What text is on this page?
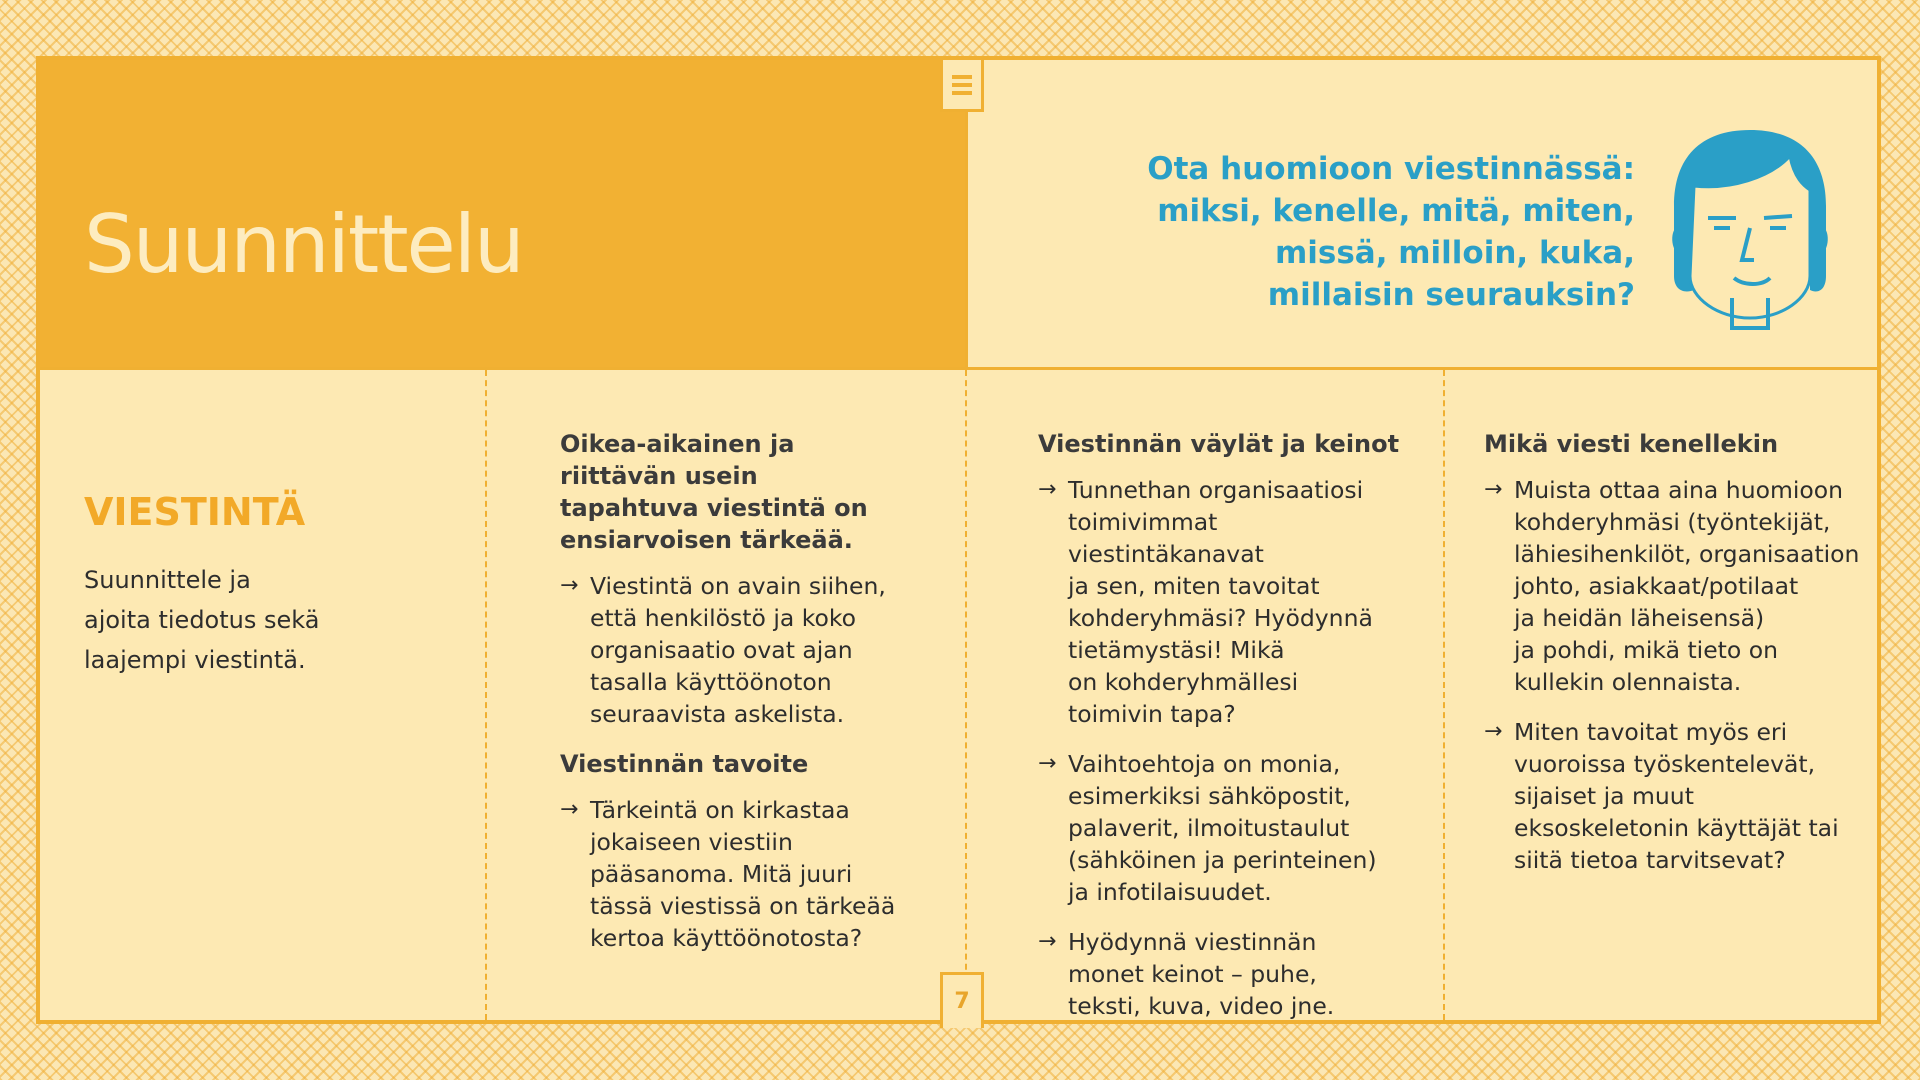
Suunnittelu

Ota huomioon viestinnässä:
miksi, kenelle, mitä, miten,
missä, milloin, kuka,
millaisin seurauksin?

VIESTINTÄ

Suunnittele ja
ajoita tiedotus sekä
laajempi viestintä.

Oikea-aikainen ja riittävän usein tapahtuva viestintä on ensiarvoisen tärkeää.
→ Viestintä on avain siihen,
että henkilöstö ja koko
organisaatio ovat ajan
tasalla käyttöönoton
seuraavista askelista.
Viestinnän tavoite
→ Tärkeintä on kirkastaa
jokaiseen viestiin
pääsanoma. Mitä juuri
tässä viestissä on tärkeää
kertoa käyttöönotosta?
Viestinnän väylät ja keinot
→ Tunnethan organisaatiosi
toimivimmat viestintäkanavat
ja sen, miten tavoitat
kohderyhmäsi? Hyödynnä
tietämystäsi! Mikä
on kohderyhmällesi
toimivin tapa?
→ Vaihtoehtoja on monia,
esimerkiksi sähköpostit,
palaverit, ilmoitustaulut
(sähköinen ja perinteinen)
ja infotilaisuudet.
→ Hyödynnä viestinnän
monet keinot – puhe,
teksti, kuva, video jne.
Mikä viesti kenellekin
→ Muista ottaa aina huomioon
kohderyhmäsi (työntekijät,
lähiesihenkilöt, organisaation
johto, asiakkaat/potilaat
ja heidän läheisensä)
ja pohdi, mikä tieto on
kullekin olennaista.
→ Miten tavoitat myös eri
vuoroissa työskentelevät,
sijaiset ja muut
eksoskeletonin käyttäjät tai
siitä tietoa tarvitsevat?
7
